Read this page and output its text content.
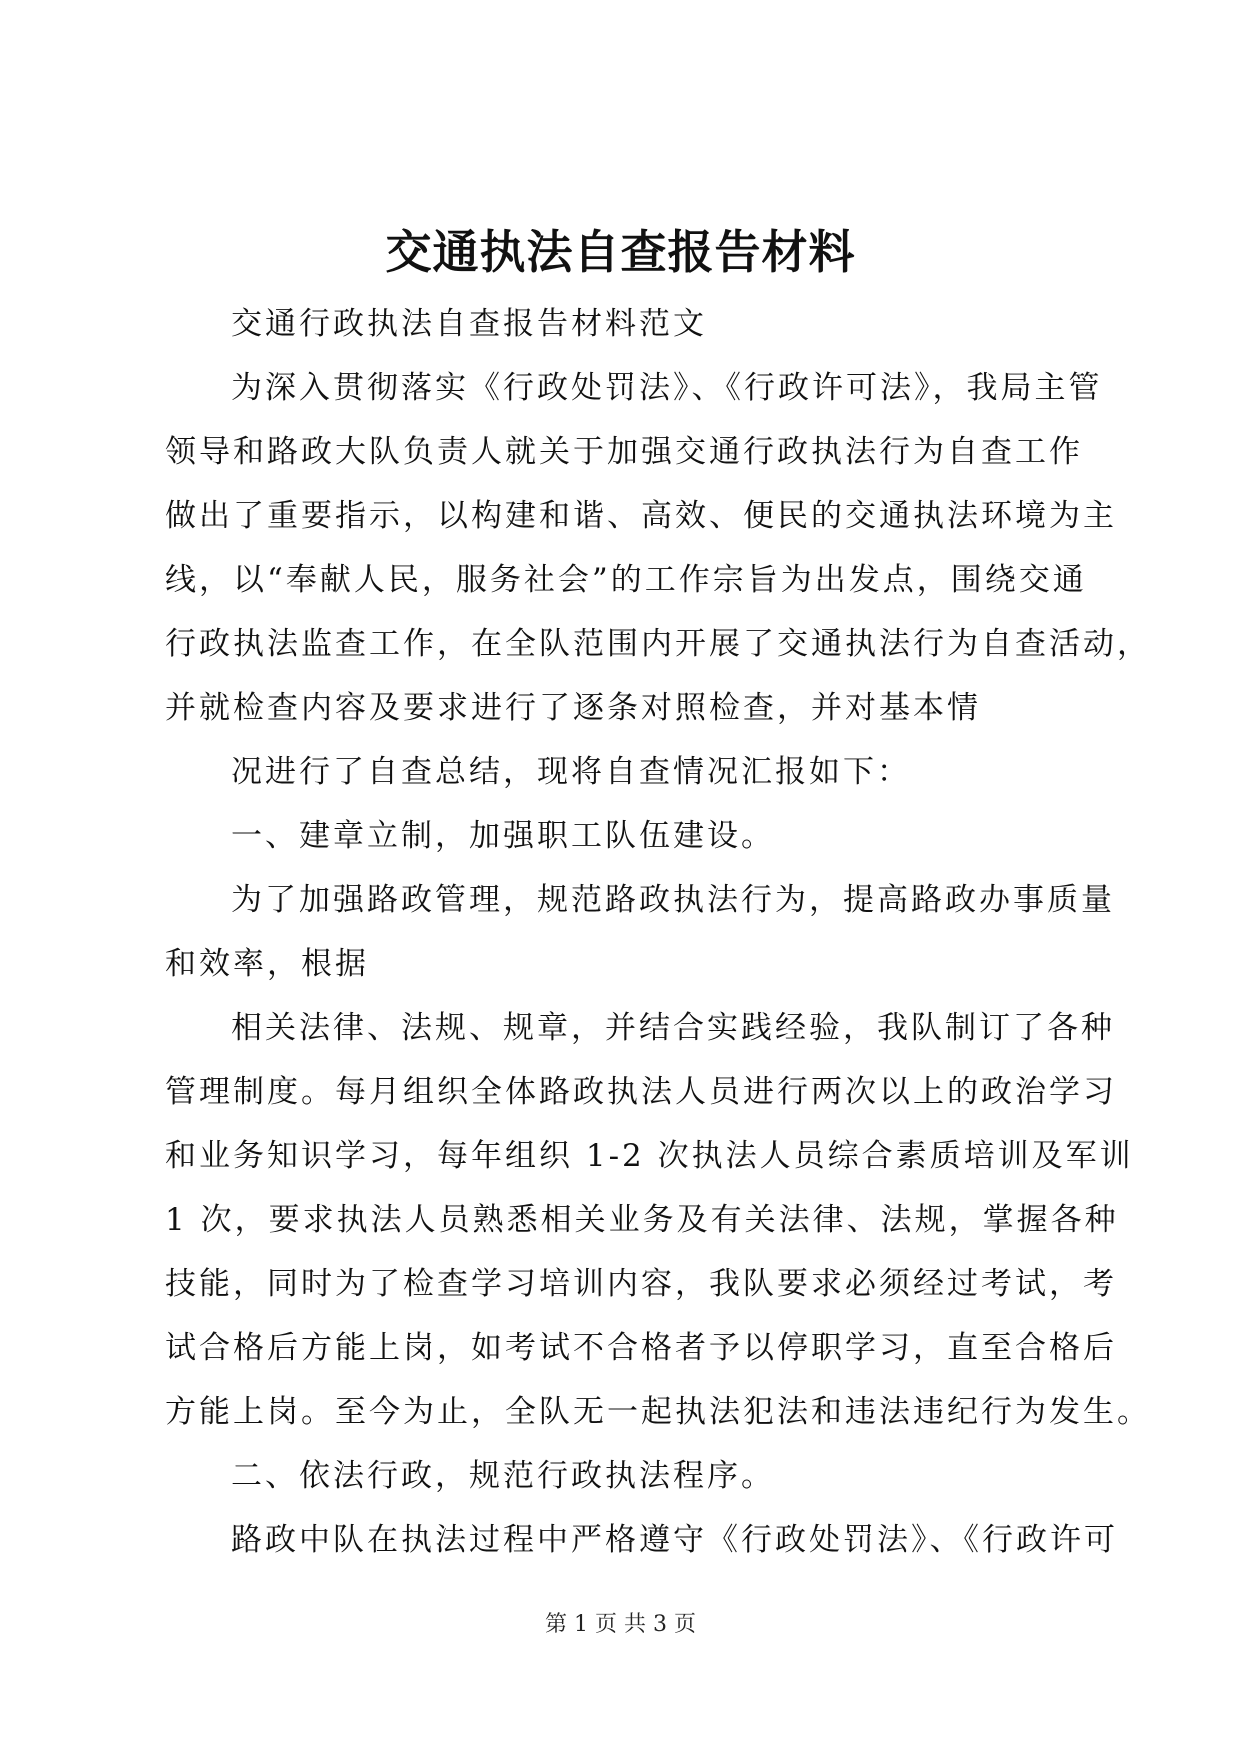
交通执法自查报告材料
交通行政执法自查报告材料范文
为深入贯彻落实《行政处罚法》、《行政许可法》，我局主管
领导和路政大队负责人就关于加强交通行政执法行为自查工作
做出了重要指示，以构建和谐、高效、便民的交通执法环境为主
线，以“奉献人民，服务社会”的工作宗旨为出发点，围绕交通
行政执法监查工作，在全队范围内开展了交通执法行为自查活动，
并就检查内容及要求进行了逐条对照检查，并对基本情
况进行了自查总结，现将自查情况汇报如下：
一、建章立制，加强职工队伍建设。
为了加强路政管理，规范路政执法行为，提高路政办事质量
和效率，根据
相关法律、法规、规章，并结合实践经验，我队制订了各种
管理制度。每月组织全体路政执法人员进行两次以上的政治学习
和业务知识学习，每年组织 1-2 次执法人员综合素质培训及军训
1 次，要求执法人员熟悉相关业务及有关法律、法规，掌握各种
技能，同时为了检查学习培训内容，我队要求必须经过考试，考
试合格后方能上岗，如考试不合格者予以停职学习，直至合格后
方能上岗。至今为止，全队无一起执法犯法和违法违纪行为发生。
二、依法行政，规范行政执法程序。
路政中队在执法过程中严格遵守《行政处罚法》、《行政许可
第 1 页 共 3 页
